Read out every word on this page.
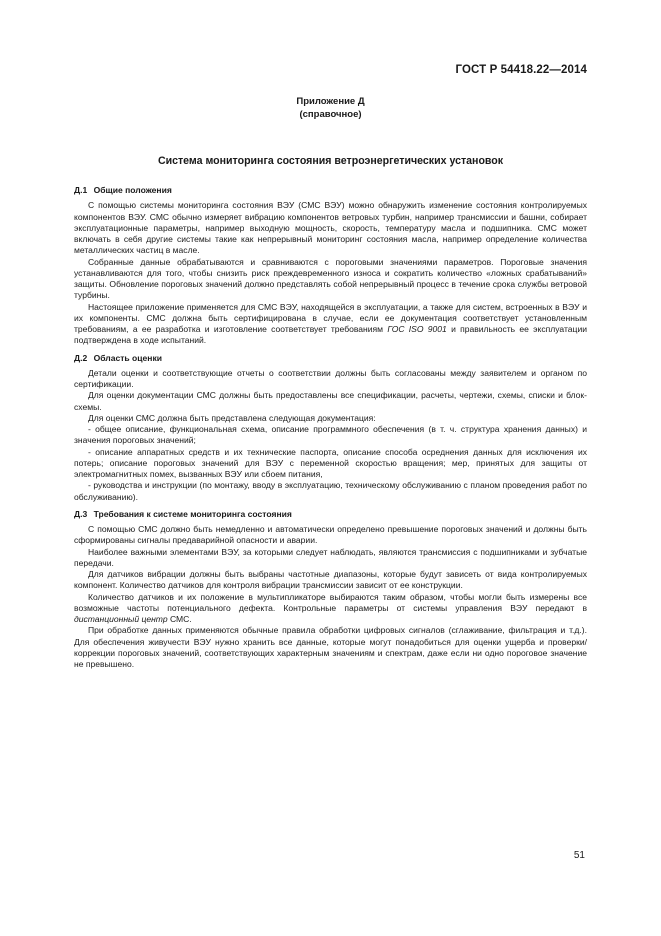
ГОСТ Р 54418.22—2014
Приложение Д
(справочное)
Система мониторинга состояния ветроэнергетических установок
Д.1 Общие положения

С помощью системы мониторинга состояния ВЭУ (СМС ВЭУ) можно обнаружить изменение состояния контролируемых компонентов ВЭУ. СМС обычно измеряет вибрацию компонентов ветровых турбин, например трансмиссии и башни, собирает эксплуатационные параметры, например выходную мощность, скорость, температуру масла и подшипника. СМС может включать в себя другие системы такие как непрерывный мониторинг состояния масла, например определение количества металлических частиц в масле.

Собранные данные обрабатываются и сравниваются с пороговыми значениями параметров. Пороговые значения устанавливаются для того, чтобы снизить риск преждевременного износа и сократить количество «ложных срабатываний» защиты. Обновление пороговых значений должно представлять собой непрерывный процесс в течение срока службы ветровой турбины.

Настоящее приложение применяется для СМС ВЭУ, находящейся в эксплуатации, а также для систем, встроенных в ВЭУ и их компоненты. СМС должна быть сертифицирована в случае, если ее документация соответствует установленным требованиям, а ее разработка и изготовление соответствует требованиям ГОС ISO 9001 и правильность ее эксплуатации подтверждена в ходе испытаний.

Д.2 Область оценки

Детали оценки и соответствующие отчеты о соответствии должны быть согласованы между заявителем и органом по сертификации.

Для оценки документации СМС должны быть предоставлены все спецификации, расчеты, чертежи, схемы, списки и блок-схемы.

Для оценки СМС должна быть представлена следующая документация:

- общее описание, функциональная схема, описание программного обеспечения (в т. ч. структура хранения данных) и значения пороговых значений;

- описание аппаратных средств и их технические паспорта, описание способа осреднения данных для исключения их потерь; описание пороговых значений для ВЭУ с переменной скоростью вращения; мер, принятых для защиты от электромагнитных помех, вызванных ВЭУ или сбоем питания,

- руководства и инструкции (по монтажу, вводу в эксплуатацию, техническому обслуживанию с планом проведения работ по обслуживанию).

Д.3 Требования к системе мониторинга состояния

С помощью СМС должно быть немедленно и автоматически определено превышение пороговых значений и должны быть сформированы сигналы предаварийной опасности и аварии.

Наиболее важными элементами ВЭУ, за которыми следует наблюдать, являются трансмиссия с подшипниками и зубчатые передачи.

Для датчиков вибрации должны быть выбраны частотные диапазоны, которые будут зависеть от вида контролируемых компонент. Количество датчиков для контроля вибрации трансмиссии зависит от ее конструкции.

Количество датчиков и их положение в мультипликаторе выбираются таким образом, чтобы могли быть измерены все возможные частоты потенциального дефекта. Контрольные параметры от системы управления ВЭУ передают в дистанционный центр СМС.

При обработке данных применяются обычные правила обработки цифровых сигналов (сглаживание, фильтрация и т.д.). Для обеспечения живучести ВЭУ нужно хранить все данные, которые могут понадобиться для оценки ущерба и проверки/коррекции пороговых значений, соответствующих характерным значениям и спектрам, даже если ни одно пороговое значение не превышено.

51
